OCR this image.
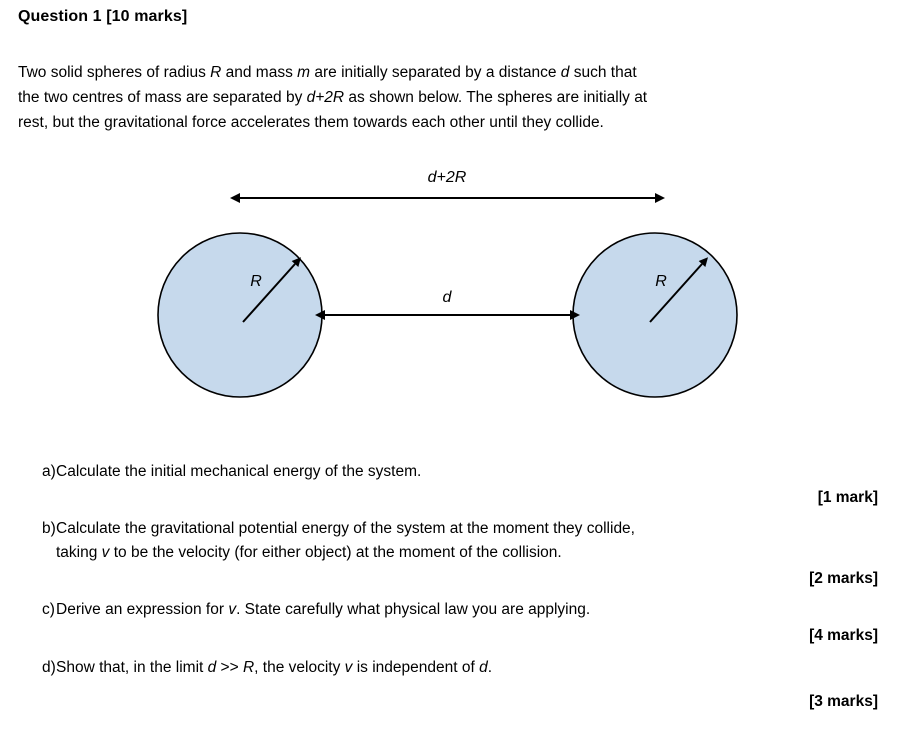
Question 1 [10 marks]
Two solid spheres of radius R and mass m are initially separated by a distance d such that
the two centres of mass are separated by d+2R as shown below. The spheres are initially at
rest, but the gravitational force accelerates them towards each other until they collide.
d+2R
R	R
d
a) Calculate the initial mechanical energy of the system.
[1 mark]
b) Calculate the gravitational potential energy of the system at the moment they collide,
taking v to be the velocity (for either object) at the moment of the collision.
[2 marks]
c) Derive an expression for v. State carefully what physical law you are applying.
[4 marks]
d) Show that, in the limit d >> R, the velocity v is independent of d.
[3 marks]
